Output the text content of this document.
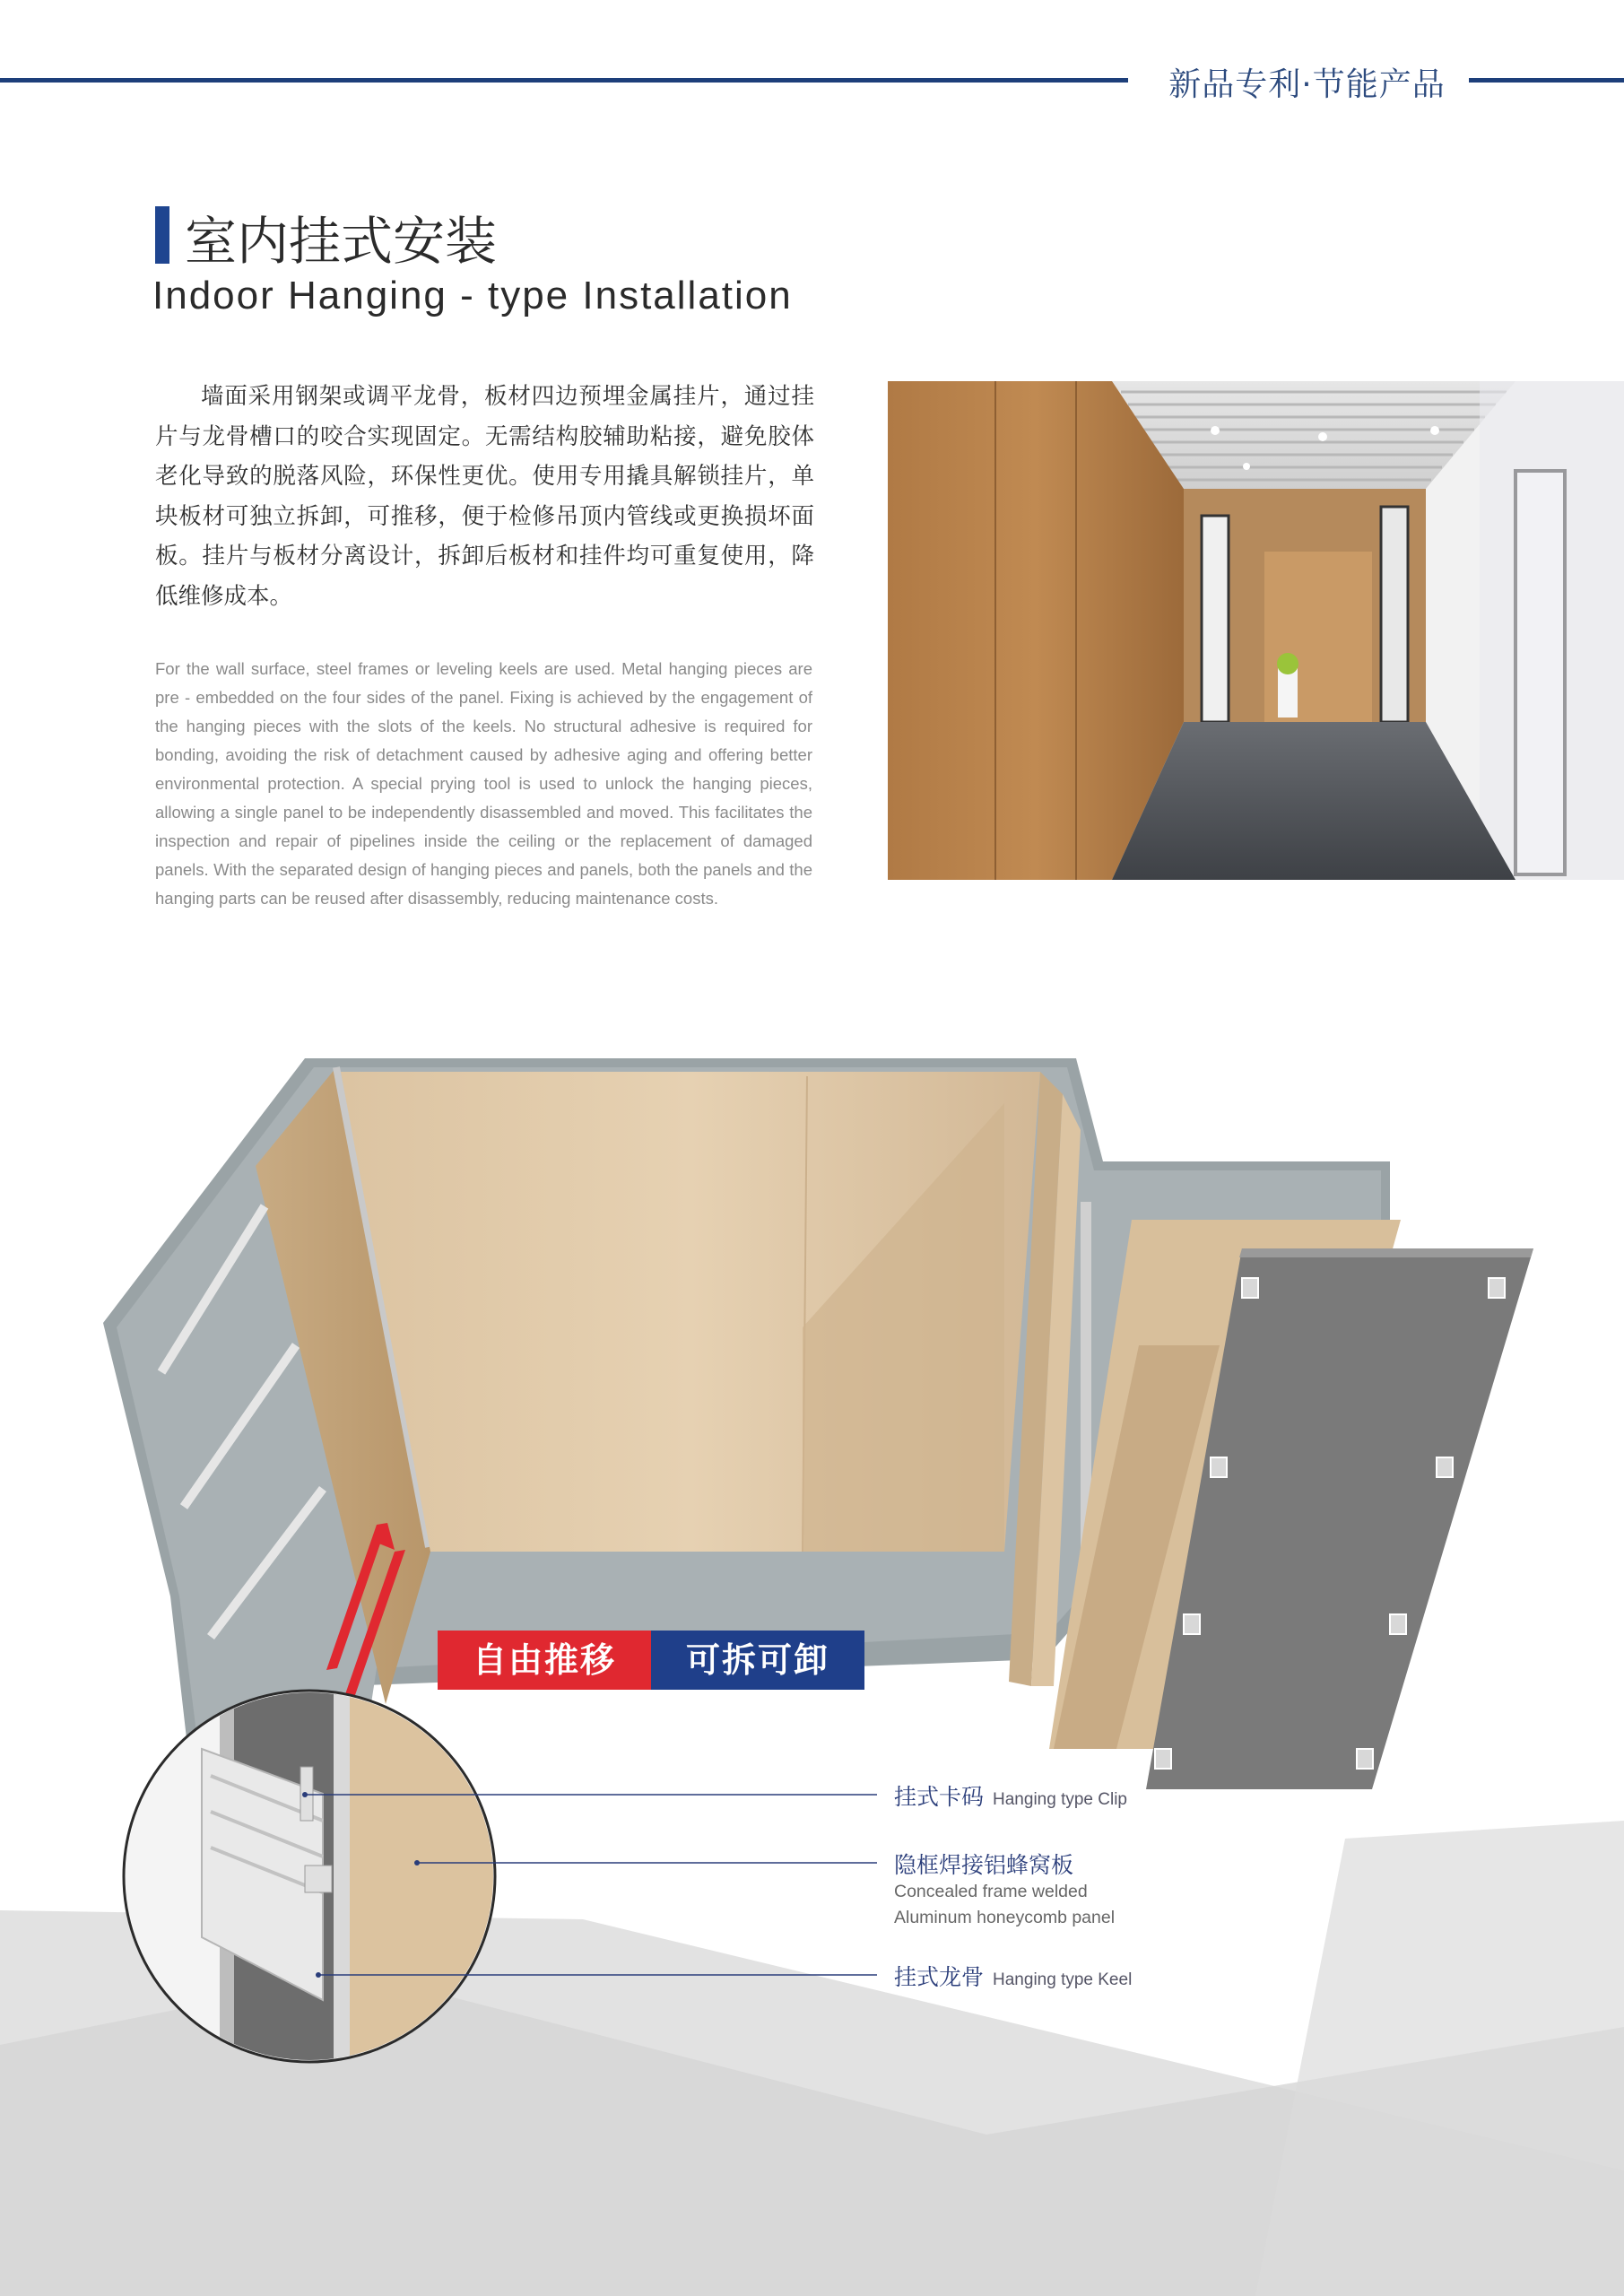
新品专利·节能产品
室内挂式安装
Indoor Hanging - type Installation

墙面采用钢架或调平龙骨，板材四边预埋金属挂片，通过挂片与龙骨槽口的咬合实现固定。无需结构胶辅助粘接，避免胶体老化导致的脱落风险，环保性更优。使用专用撬具解锁挂片，单块板材可独立拆卸，可推移，便于检修吊顶内管线或更换损坏面板。挂片与板材分离设计，拆卸后板材和挂件均可重复使用，降低维修成本。

For the wall surface, steel frames or leveling keels are used. Metal hanging pieces are pre - embedded on the four sides of the panel. Fixing is achieved by the engagement of the hanging pieces with the slots of the keels. No structural adhesive is required for bonding, avoiding the risk of detachment caused by adhesive aging and offering better environmental protection. A special prying tool is used to unlock the hanging pieces, allowing a single panel to be independently disassembled and moved. This facilitates the inspection and repair of pipelines inside the ceiling or the replacement of damaged panels. With the separated design of hanging pieces and panels, both the panels and the hanging parts can be reused after disassembly, reducing maintenance costs.

自由推移	可拆可卸
挂式卡码 Hanging type Clip
隐框焊接铝蜂窝板
Concealed frame welded
Aluminum honeycomb panel
挂式龙骨 Hanging type Keel
